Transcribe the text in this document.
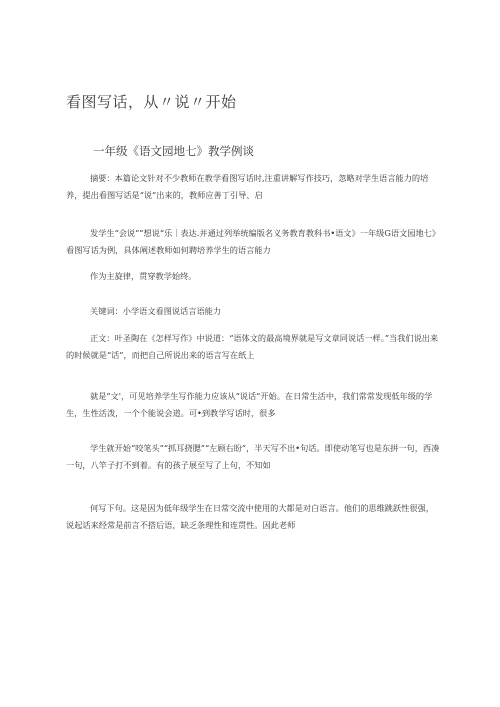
看图写话，从〃说〃开始
一年级《语文园地七》教学例谈

摘要：本篇论文针对不少教师在教学看图写话时,注重讲解写作技巧，忽略对学生语言能力的培养，提出看图写话是“说”出来的，教师应善丁引导、启

发学生“会说”“想说“乐｜表达.并通过列举统编版名义务教育教科书•语文》一年级G语文园地七》看图写话为例，具体阐述教师如何聘培养学生的语言能力

作为主旋律，贯穿教学始终。

关键词：小学语文看图说话言语能力

正文：叶圣陶在《怎样写作》中说道：“语体文的最高境界就是写文章同说话一样。”当我们说出来的时候就是“话”，而把自己所说出来的语言写在纸上

就是“文'，可见培养学生写作能力应该从“说话”开始。在日常生活中，我们常常发现低年级的学生，生性活泼，一个个能说会道。可•到教学写话时，很多

学生就开始“咬笔头”“抓耳挠腮”“左顾右盼”，半天写不出•句话。即使动笔写也是东拼一句，西凑一句，八竿子打不到着。有的孩子展至写了上句，不知如

何写下句。这是因为低年级学生在日常交流中使用的大都是对白语言。他们的思维跳跃性很强，说起话来经常是前言不搭后语，缺乏条理性和连贯性。因此老师
